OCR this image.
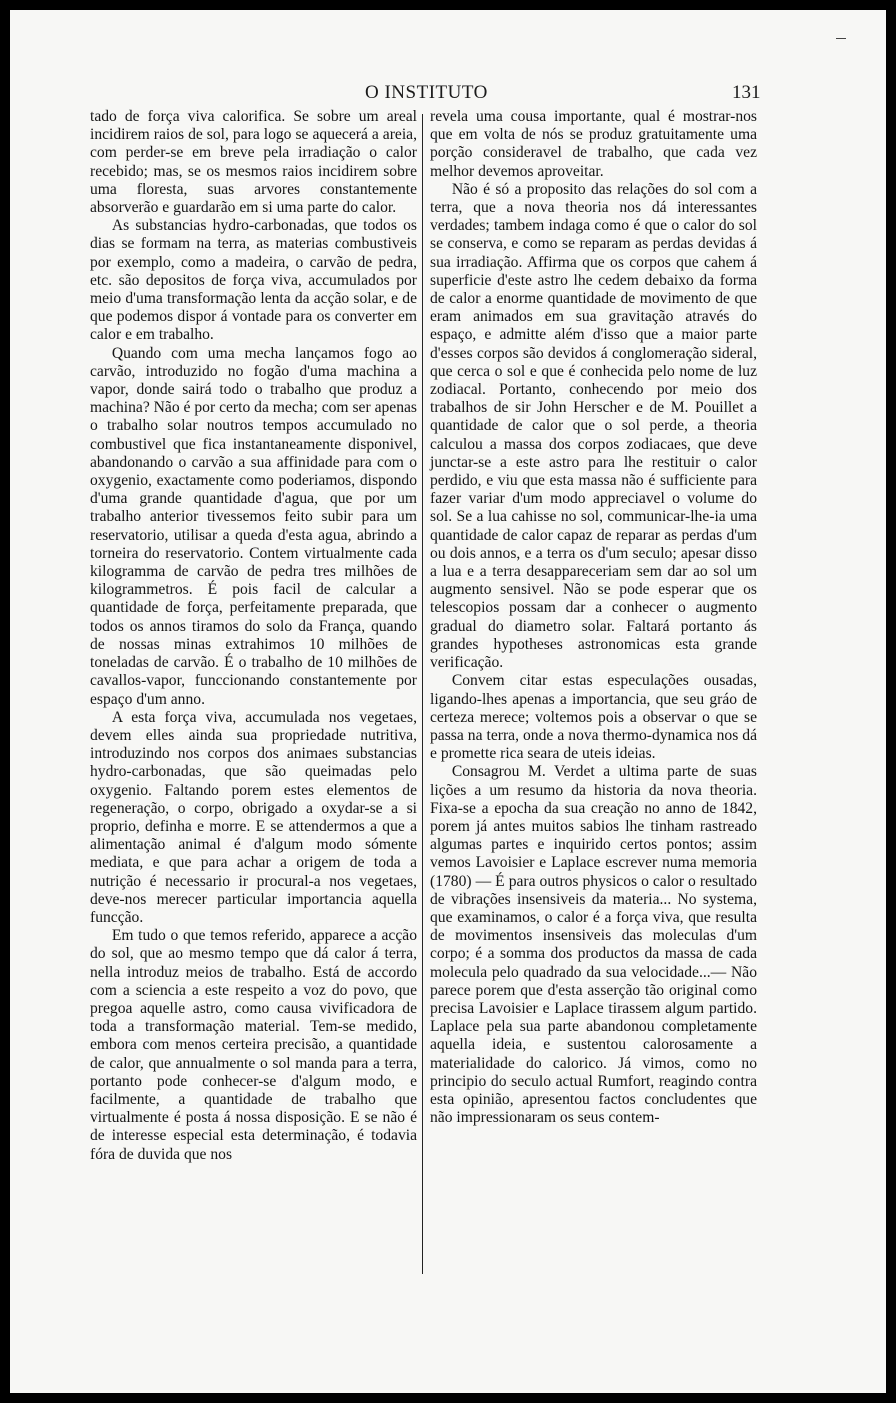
O INSTITUTO	131

tado de força viva calorifica. Se sobre um areal incidirem raios de sol, para logo se aquecerá a areia, com perder-se em breve pela irradiação o calor recebido; mas, se os mesmos raios incidirem sobre uma floresta, suas arvores constantemente absorverão e guardarão em si uma parte do calor.

As substancias hydro-carbonadas, que todos os dias se formam na terra, as materias combustiveis por exemplo, como a madeira, o carvão de pedra, etc. são depositos de força viva, accumulados por meio d'uma transformação lenta da acção solar, e de que podemos dispor á vontade para os converter em calor e em trabalho.

Quando com uma mecha lançamos fogo ao carvão, introduzido no fogão d'uma machina a vapor, donde sairá todo o trabalho que produz a machina? Não é por certo da mecha; com ser apenas o trabalho solar noutros tempos accumulado no combustivel que fica instantaneamente disponivel, abandonando o carvão a sua affinidade para com o oxygenio, exactamente como poderiamos, dispondo d'uma grande quantidade d'agua, que por um trabalho anterior tivessemos feito subir para um reservatorio, utilisar a queda d'esta agua, abrindo a torneira do reservatorio. Contem virtualmente cada kilogramma de carvão de pedra tres milhões de kilogrammetros. É pois facil de calcular a quantidade de força, perfeitamente preparada, que todos os annos tiramos do solo da França, quando de nossas minas extrahimos 10 milhões de toneladas de carvão. É o trabalho de 10 milhões de cavallos-vapor, funccionando constantemente por espaço d'um anno.

A esta força viva, accumulada nos vegetaes, devem elles ainda sua propriedade nutritiva, introduzindo nos corpos dos animaes substancias hydro-carbonadas, que são queimadas pelo oxygenio. Faltando porem estes elementos de regeneração, o corpo, obrigado a oxydar-se a si proprio, definha e morre. E se attendermos a que a alimentação animal é d'algum modo sómente mediata, e que para achar a origem de toda a nutrição é necessario ir procural-a nos vegetaes, deve-nos merecer particular importancia aquella funcção.

Em tudo o que temos referido, apparece a acção do sol, que ao mesmo tempo que dá calor á terra, nella introduz meios de trabalho. Está de accordo com a sciencia a este respeito a voz do povo, que pregoa aquelle astro, como causa vivificadora de toda a transformação material. Tem-se medido, embora com menos certeira precisão, a quantidade de calor, que annualmente o sol manda para a terra, portanto pode conhecer-se d'algum modo, e facilmente, a quantidade de trabalho que virtualmente é posta á nossa disposição. E se não é de interesse especial esta determinação, é todavia fóra de duvida que nos

revela uma cousa importante, qual é mostrar-nos que em volta de nós se produz gratuitamente uma porção consideravel de trabalho, que cada vez melhor devemos aproveitar.

Não é só a proposito das relações do sol com a terra, que a nova theoria nos dá interessantes verdades; tambem indaga como é que o calor do sol se conserva, e como se reparam as perdas devidas á sua irradiação. Affirma que os corpos que cahem á superficie d'este astro lhe cedem debaixo da forma de calor a enorme quantidade de movimento de que eram animados em sua gravitação através do espaço, e admitte além d'isso que a maior parte d'esses corpos são devidos á conglomeração sideral, que cerca o sol e que é conhecida pelo nome de luz zodiacal. Portanto, conhecendo por meio dos trabalhos de sir John Herscher e de M. Pouillet a quantidade de calor que o sol perde, a theoria calculou a massa dos corpos zodiacaes, que deve junctar-se a este astro para lhe restituir o calor perdido, e viu que esta massa não é sufficiente para fazer variar d'um modo appreciavel o volume do sol. Se a lua cahisse no sol, communicar-lhe-ia uma quantidade de calor capaz de reparar as perdas d'um ou dois annos, e a terra os d'um seculo; apesar disso a lua e a terra desappareceriam sem dar ao sol um augmento sensivel. Não se pode esperar que os telescopios possam dar a conhecer o augmento gradual do diametro solar. Faltará portanto ás grandes hypotheses astronomicas esta grande verificação.

Convem citar estas especulações ousadas, ligando-lhes apenas a importancia, que seu gráo de certeza merece; voltemos pois a observar o que se passa na terra, onde a nova thermo-dynamica nos dá e promette rica seara de uteis ideias.

Consagrou M. Verdet a ultima parte de suas lições a um resumo da historia da nova theoria. Fixa-se a epocha da sua creação no anno de 1842, porem já antes muitos sabios lhe tinham rastreado algumas partes e inquirido certos pontos; assim vemos Lavoisier e Laplace escrever numa memoria (1780) — É para outros physicos o calor o resultado de vibrações insensiveis da materia... No systema, que examinamos, o calor é a força viva, que resulta de movimentos insensiveis das moleculas d'um corpo; é a somma dos productos da massa de cada molecula pelo quadrado da sua velocidade...— Não parece porem que d'esta asserção tão original como precisa Lavoisier e Laplace tirassem algum partido. Laplace pela sua parte abandonou completamente aquella ideia, e sustentou calorosamente a materialidade do calorico. Já vimos, como no principio do seculo actual Rumfort, reagindo contra esta opinião, apresentou factos concludentes que não impressionaram os seus contem-
